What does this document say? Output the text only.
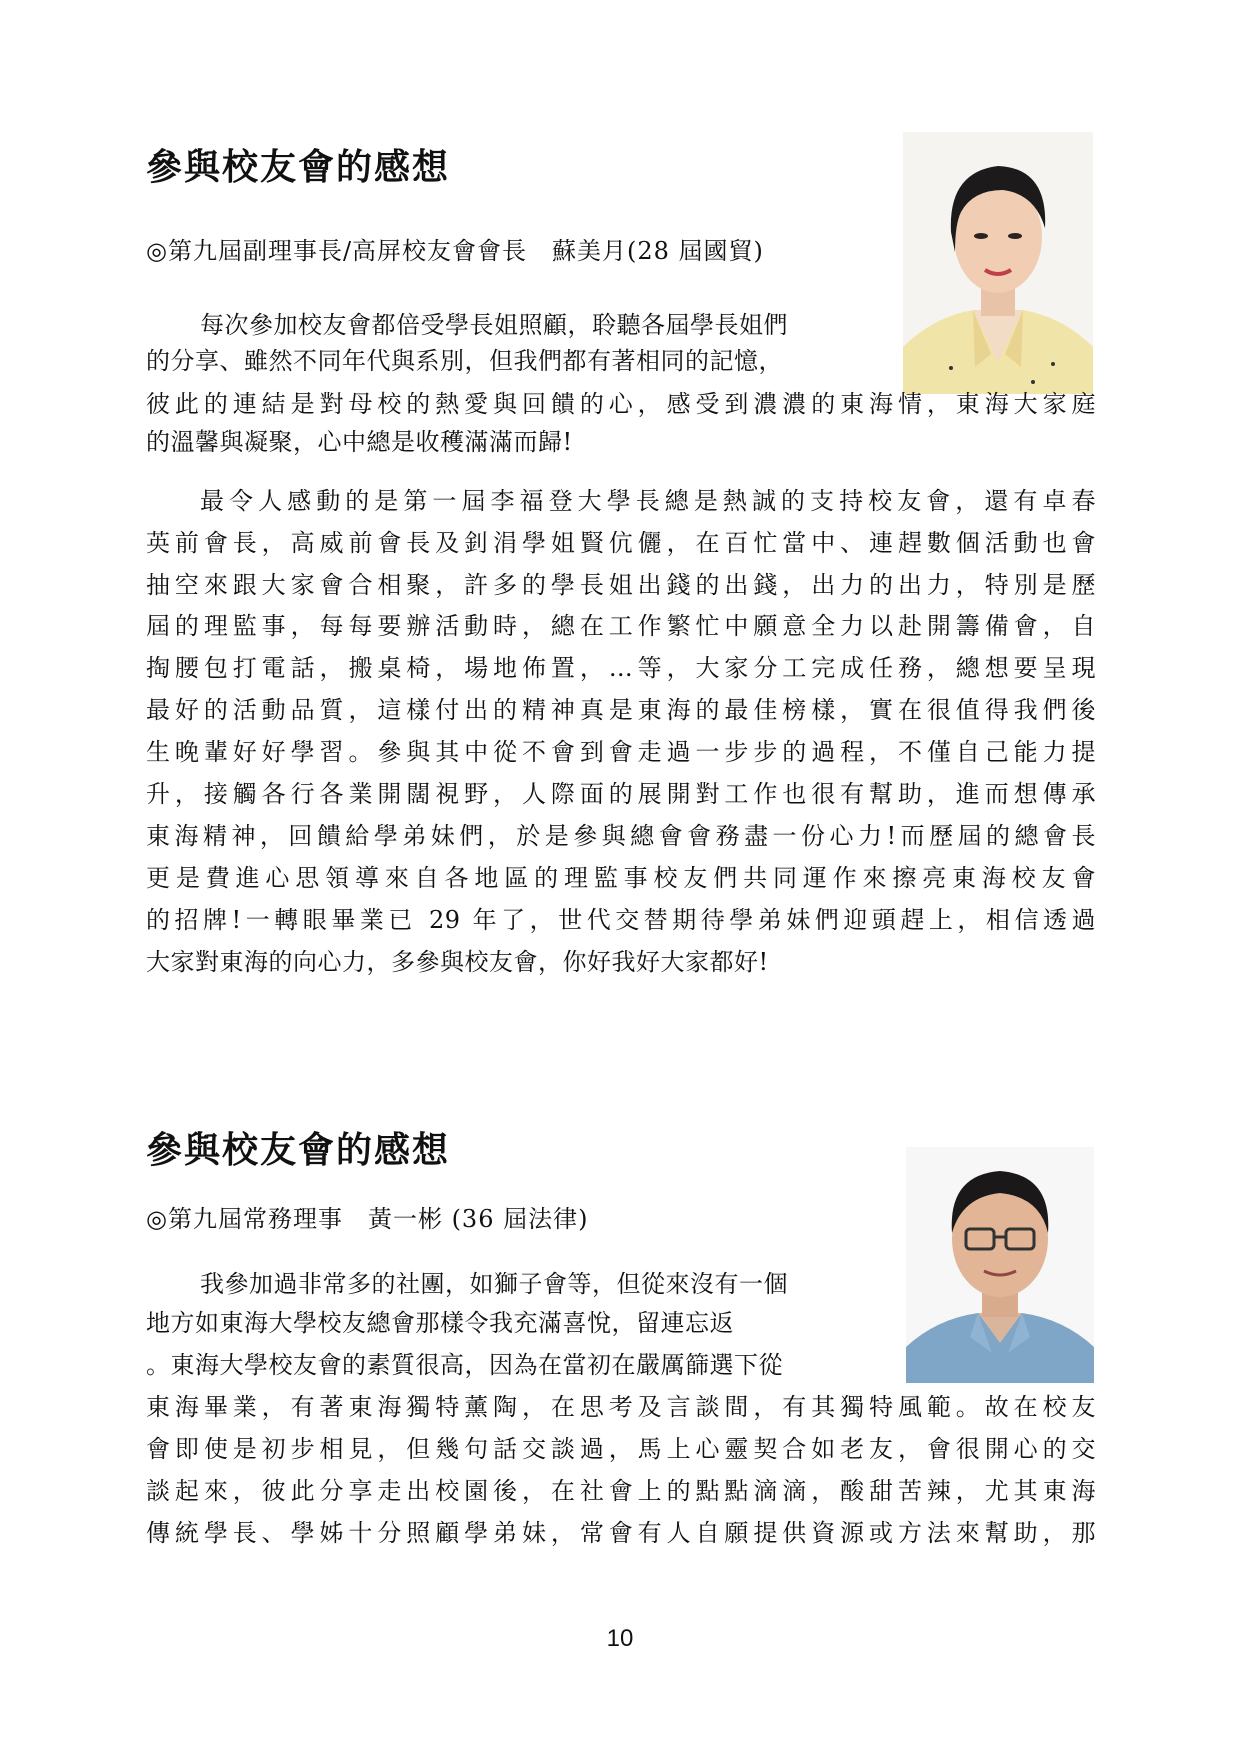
參與校友會的感想

◎第九屆副理事長/高屏校友會會長　蘇美月(28 屆國貿)

每次參加校友會都倍受學長姐照顧，聆聽各屆學長姐們

的分享、雖然不同年代與系別，但我們都有著相同的記憶，

彼此的連結是對母校的熱愛與回饋的心，感受到濃濃的東海情，東海大家庭

的溫馨與凝聚，心中總是收穫滿滿而歸!

最令人感動的是第一屆李福登大學長總是熱誠的支持校友會，還有卓春

英前會長，高威前會長及釗涓學姐賢伉儷，在百忙當中、連趕數個活動也會

抽空來跟大家會合相聚，許多的學長姐出錢的出錢，出力的出力，特別是歷

屆的理監事，每每要辦活動時，總在工作繁忙中願意全力以赴開籌備會，自

掏腰包打電話，搬桌椅，場地佈置，…等，大家分工完成任務，總想要呈現

最好的活動品質，這樣付出的精神真是東海的最佳榜樣，實在很值得我們後

生晚輩好好學習。參與其中從不會到會走過一步步的過程，不僅自己能力提

升，接觸各行各業開闊視野，人際面的展開對工作也很有幫助，進而想傳承

東海精神，回饋給學弟妹們，於是參與總會會務盡一份心力!而歷屆的總會長

更是費進心思領導來自各地區的理監事校友們共同運作來擦亮東海校友會

的招牌!一轉眼畢業已 29 年了，世代交替期待學弟妹們迎頭趕上，相信透過

大家對東海的向心力，多參與校友會，你好我好大家都好!

參與校友會的感想

◎第九屆常務理事　黃一彬 (36 屆法律)

我參加過非常多的社團，如獅子會等，但從來沒有一個

地方如東海大學校友總會那樣令我充滿喜悅，留連忘返

。東海大學校友會的素質很高，因為在當初在嚴厲篩選下從

東海畢業，有著東海獨特薰陶，在思考及言談間，有其獨特風範。故在校友

會即使是初步相見，但幾句話交談過，馬上心靈契合如老友，會很開心的交

談起來，彼此分享走出校園後，在社會上的點點滴滴，酸甜苦辣，尤其東海

傳統學長、學姊十分照顧學弟妹，常會有人自願提供資源或方法來幫助，那

10
